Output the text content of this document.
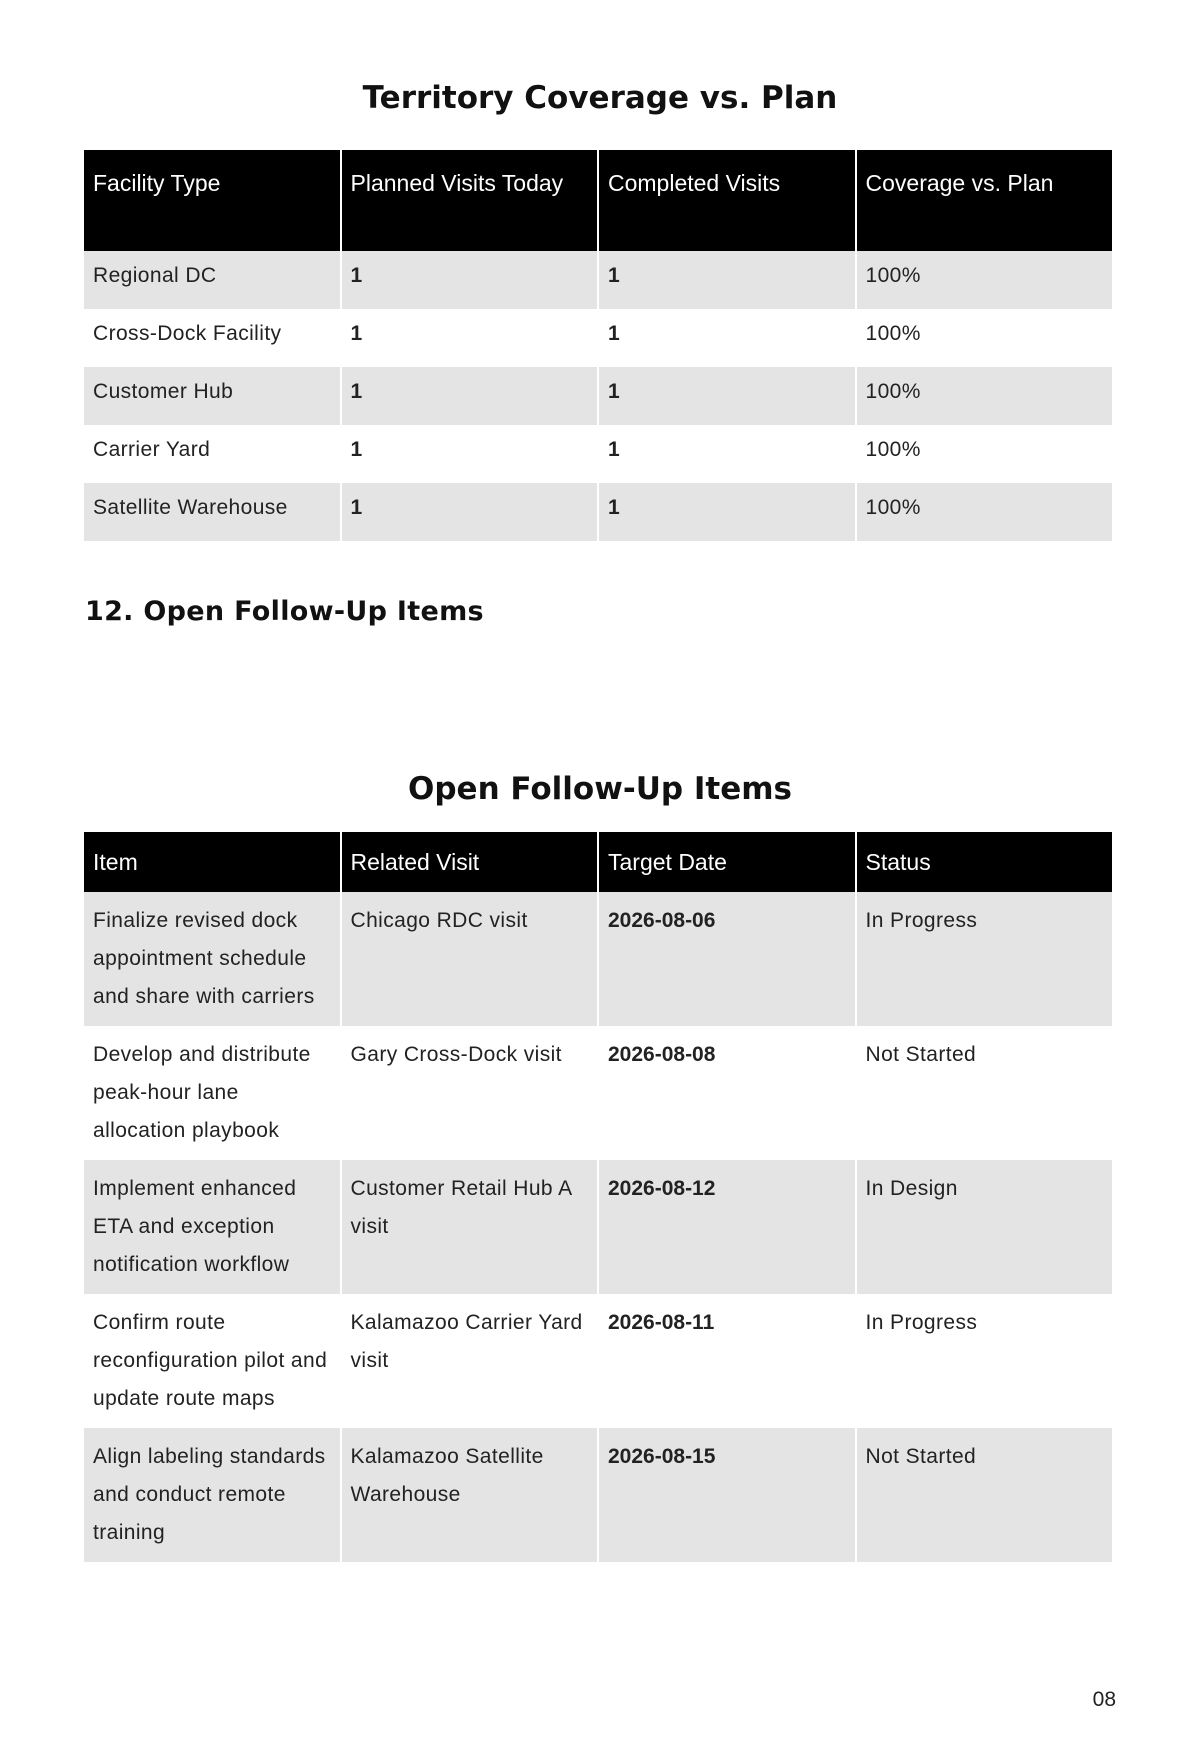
Territory Coverage vs. Plan
Facility Type	Planned Visits Today	Completed Visits	Coverage vs. Plan
Regional DC	1	1	100%
Cross-Dock Facility	1	1	100%
Customer Hub	1	1	100%
Carrier Yard	1	1	100%
Satellite Warehouse	1	1	100%
12. Open Follow-Up Items
Open Follow-Up Items
Item	Related Visit	Target Date	Status
Finalize revised dock appointment schedule and share with carriers	Chicago RDC visit	2026-08-06	In Progress
Develop and distribute peak-hour lane allocation playbook	Gary Cross-Dock visit	2026-08-08	Not Started
Implement enhanced ETA and exception notification workflow	Customer Retail Hub A visit	2026-08-12	In Design
Confirm route reconfiguration pilot and update route maps	Kalamazoo Carrier Yard visit	2026-08-11	In Progress
Align labeling standards and conduct remote training	Kalamazoo Satellite Warehouse	2026-08-15	Not Started
08
